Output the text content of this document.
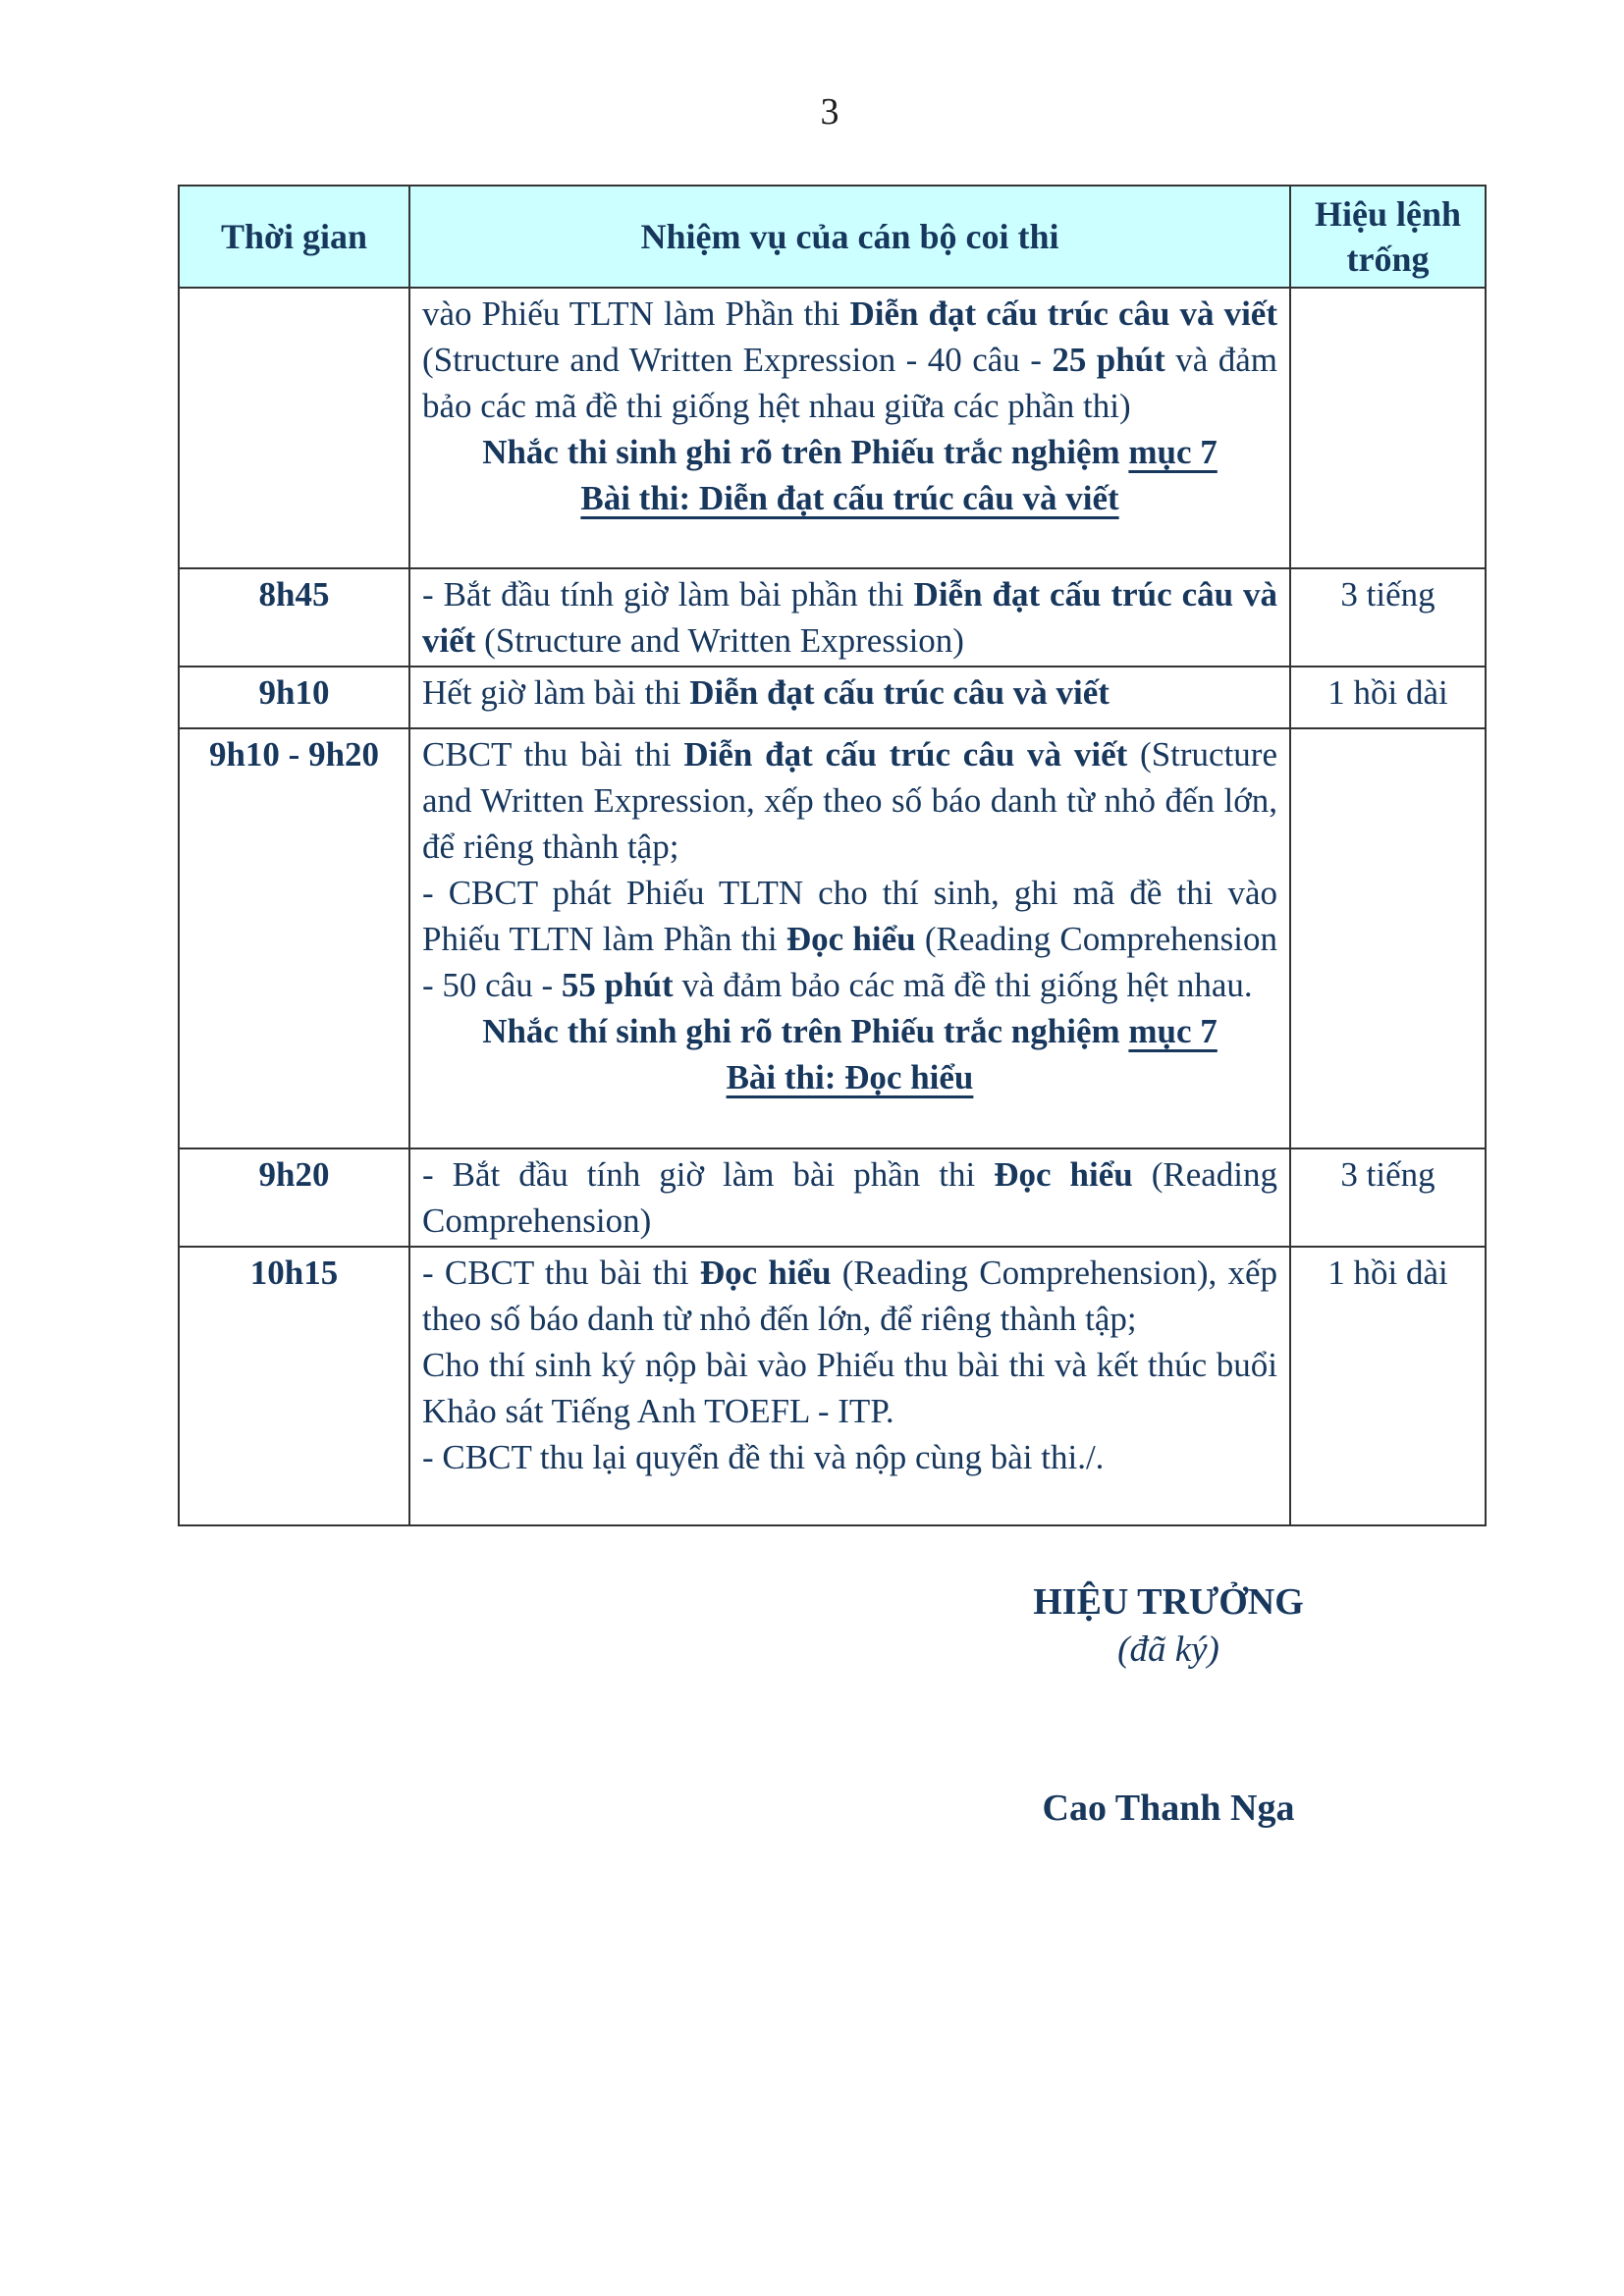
3
Thời gian	Nhiệm vụ của cán bộ coi thi	Hiệu lệnh trống

	vào Phiếu TLTN làm Phần thi Diễn đạt cấu trúc câu và viết (Structure and Written Expression - 40 câu - 25 phút và đảm bảo các mã đề thi giống hệt nhau giữa các phần thi)
Nhắc thi sinh ghi rõ trên Phiếu trắc nghiệm mục 7
Bài thi: Diễn đạt cấu trúc câu và viết	

8h45	- Bắt đầu tính giờ làm bài phần thi Diễn đạt cấu trúc câu và viết (Structure and Written Expression)	3 tiếng
9h10	Hết giờ làm bài thi Diễn đạt cấu trúc câu và viết	1 hồi dài
9h10 - 9h20	CBCT thu bài thi Diễn đạt cấu trúc câu và viết (Structure and Written Expression, xếp theo số báo danh từ nhỏ đến lớn, để riêng thành tập;
- CBCT phát Phiếu TLTN cho thí sinh, ghi mã đề thi vào Phiếu TLTN làm Phần thi Đọc hiểu (Reading Comprehension - 50 câu - 55 phút và đảm bảo các mã đề thi giống hệt nhau.
Nhắc thí sinh ghi rõ trên Phiếu trắc nghiệm mục 7
Bài thi: Đọc hiểu	

9h20	- Bắt đầu tính giờ làm bài phần thi Đọc hiểu (Reading Comprehension)	3 tiếng
10h15	- CBCT thu bài thi Đọc hiểu (Reading Comprehension), xếp theo số báo danh từ nhỏ đến lớn, để riêng thành tập;
Cho thí sinh ký nộp bài vào Phiếu thu bài thi và kết thúc buổi Khảo sát Tiếng Anh TOEFL - ITP.
- CBCT thu lại quyển đề thi và nộp cùng bài thi./.	1 hồi dài
HIỆU TRƯỞNG
(đã ký)
Cao Thanh Nga
